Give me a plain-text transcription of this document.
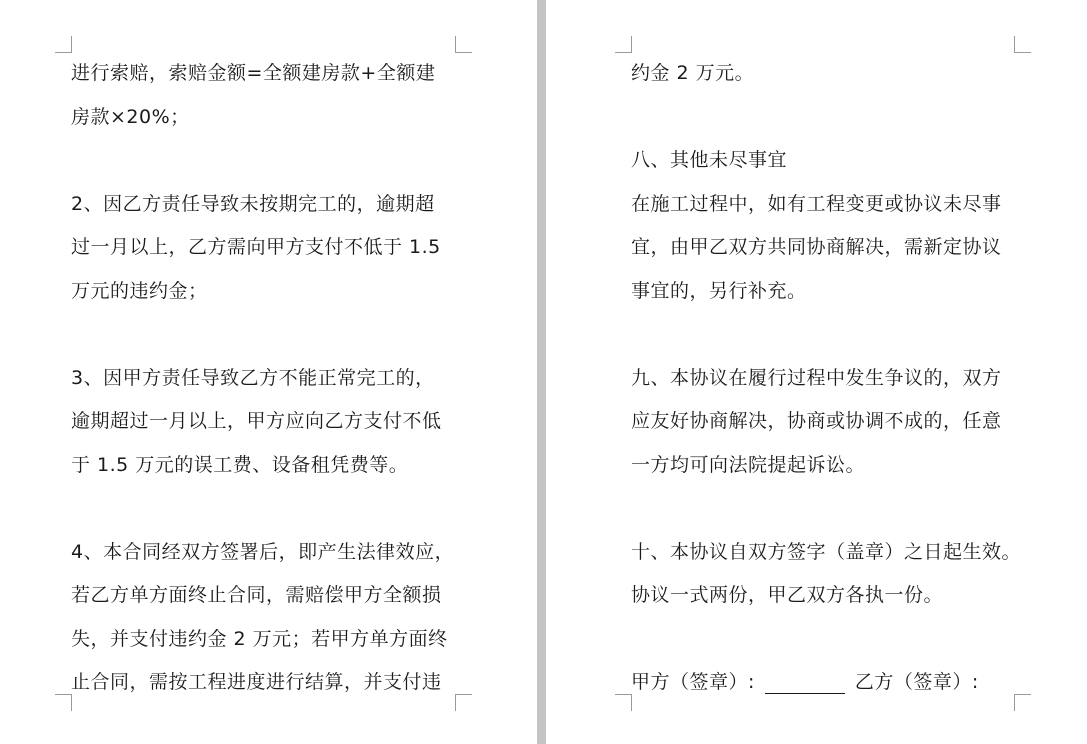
进行索赔，索赔金额=全额建房款+全额建
房款×20%；
2、因乙方责任导致未按期完工的，逾期超
过一月以上，乙方需向甲方支付不低于 1.5
万元的违约金；
3、因甲方责任导致乙方不能正常完工的，
逾期超过一月以上，甲方应向乙方支付不低
于 1.5 万元的误工费、设备租凭费等。
4、本合同经双方签署后，即产生法律效应，
若乙方单方面终止合同，需赔偿甲方全额损
失，并支付违约金 2 万元；若甲方单方面终
止合同，需按工程进度进行结算，并支付违
约金 2 万元。
八、其他未尽事宜
在施工过程中，如有工程变更或协议未尽事
宜，由甲乙双方共同协商解决，需新定协议
事宜的，另行补充。
九、本协议在履行过程中发生争议的，双方
应友好协商解决，协商或协调不成的，任意
一方均可向法院提起诉讼。
十、本协议自双方签字（盖章）之日起生效。
协议一式两份，甲乙双方各执一份。
甲方（签章）:	乙方（签章）:
